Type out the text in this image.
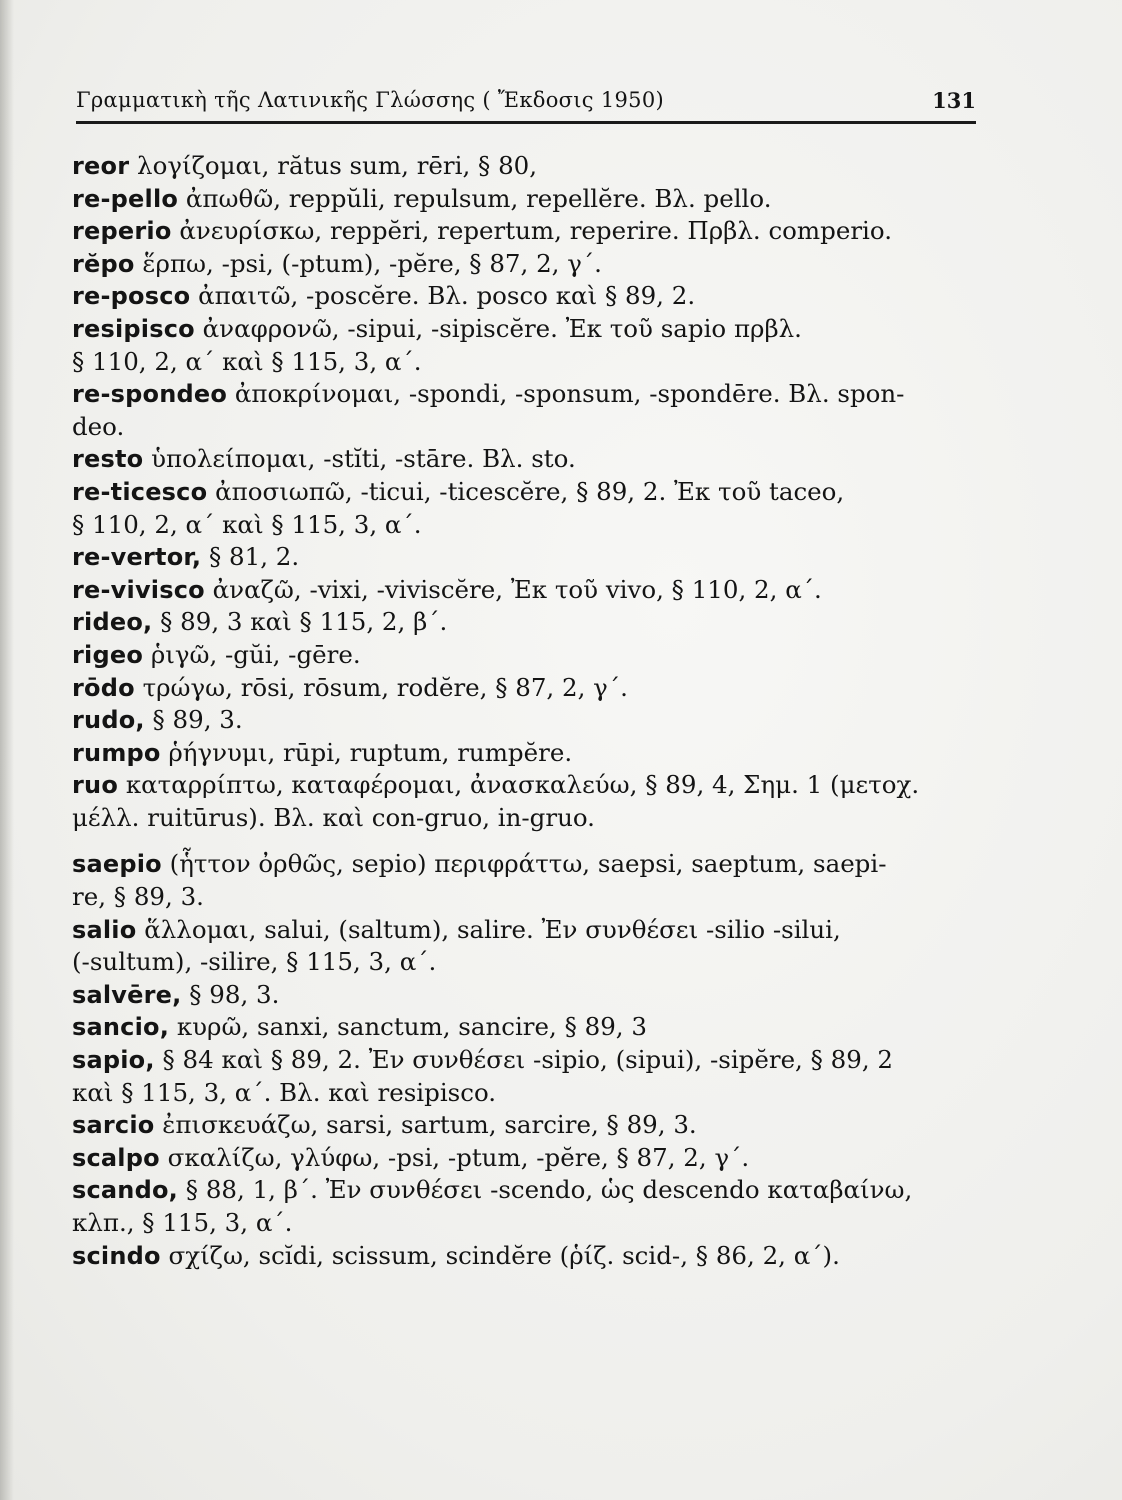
Γραμματικὴ τῆς Λατινικῆς Γλώσσης ( Ἔκδοσις 1950)	131
reor λογίζομαι, rătus sum, rēri, § 80,
re-pello ἀπωθῶ, reppŭli, repulsum, repellĕre. Βλ. pello.
reperio ἀνευρίσκω, reppĕri, repertum, reperire. Πρβλ. comperio.
rĕpo ἕρπω, -psi, (-ptum), -pĕre, § 87, 2, γ΄.
re-posco ἀπαιτῶ, -poscĕre. Βλ. posco καὶ § 89, 2.
resipisco ἀναφρονῶ, -sipui, -sipiscĕre. Ἐκ τοῦ sapio πρβλ.
§ 110, 2, α΄ καὶ § 115, 3, α΄.
re-spondeo ἀποκρίνομαι, -spondi, -sponsum, -spondēre. Βλ. spon-
deo.
resto ὑπολείπομαι, -stĭti, -stāre. Βλ. sto.
re-ticesco ἀποσιωπῶ, -ticui, -ticescĕre, § 89, 2. Ἐκ τοῦ taceo,
§ 110, 2, α΄ καὶ § 115, 3, α΄.
re-vertor, § 81, 2.
re-vivisco ἀναζῶ, -vixi, -viviscĕre, Ἐκ τοῦ vivo, § 110, 2, α΄.
rideo, § 89, 3 καὶ § 115, 2, β΄.
rigeo ῥιγῶ, -gŭi, -gēre.
rōdo τρώγω, rōsi, rōsum, rodĕre, § 87, 2, γ΄.
rudo, § 89, 3.
rumpo ῥήγνυμι, rūpi, ruptum, rumpĕre.
ruo καταρρίπτω, καταφέρομαι, ἀνασκαλεύω, § 89, 4, Σημ. 1 (μετοχ.
μέλλ. ruitūrus). Βλ. καὶ con-gruo, in-gruo.
saepio (ἧττον ὀρθῶς, sepio) περιφράττω, saepsi, saeptum, saepi-
re, § 89, 3.
salio ἅλλομαι, salui, (saltum), salire. Ἐν συνθέσει -silio -silui,
(-sultum), -silire, § 115, 3, α΄.
salvēre, § 98, 3.
sancio, κυρῶ, sanxi, sanctum, sancire, § 89, 3
sapio, § 84 καὶ § 89, 2. Ἐν συνθέσει -sipio, (sipui), -sipĕre, § 89, 2
καὶ § 115, 3, α΄. Βλ. καὶ resipisco.
sarcio ἐπισκευάζω, sarsi, sartum, sarcire, § 89, 3.
scalpo σκαλίζω, γλύφω, -psi, -ptum, -pĕre, § 87, 2, γ΄.
scando, § 88, 1, β΄. Ἐν συνθέσει -scendo, ὡς descendo καταβαίνω,
κλπ., § 115, 3, α΄.
scindo σχίζω, scĭdi, scissum, scindĕre (ῥίζ. scid-, § 86, 2, α΄).
